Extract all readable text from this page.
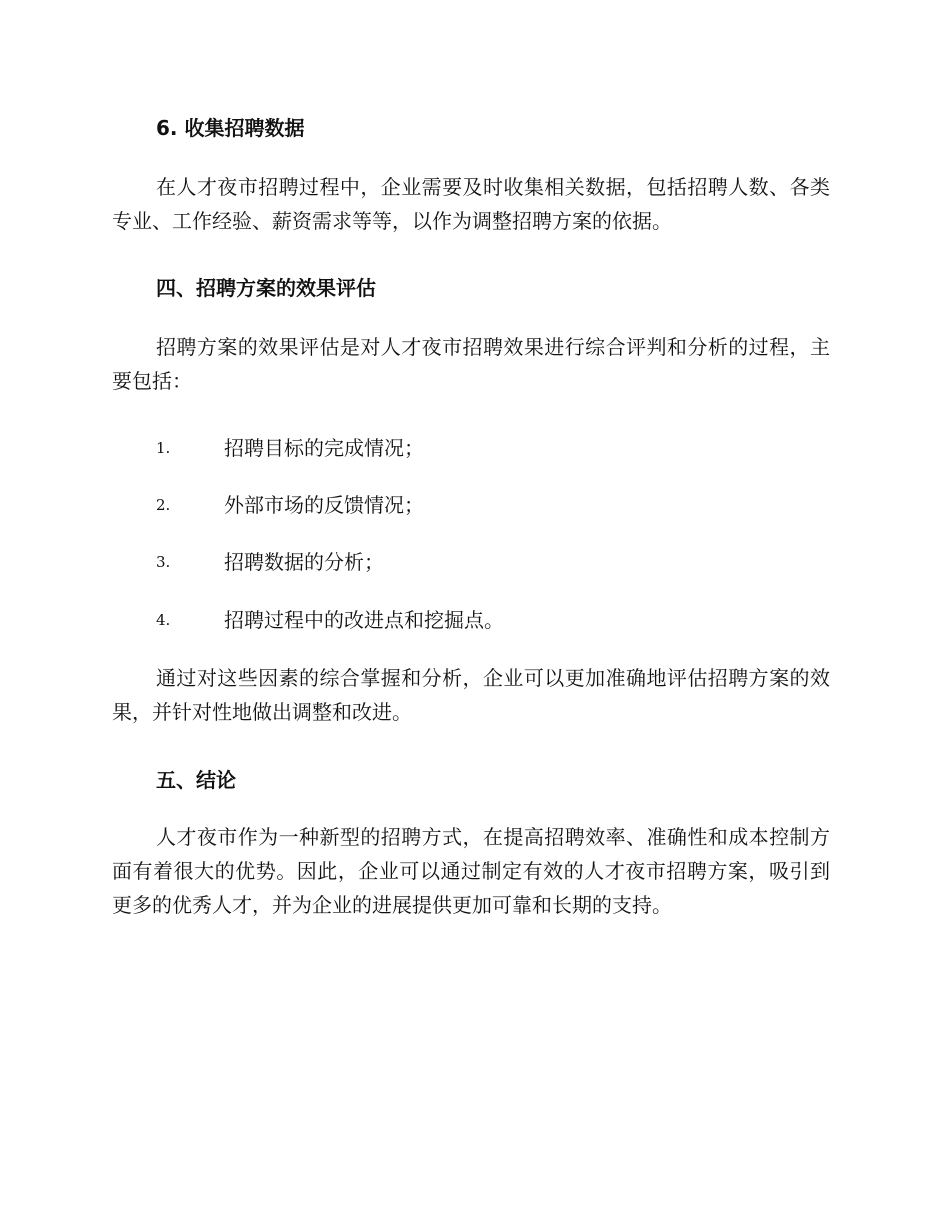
6. 收集招聘数据

在人才夜市招聘过程中，企业需要及时收集相关数据，包括招聘人数、各类专业、工作经验、薪资需求等等，以作为调整招聘方案的依据。

四、招聘方案的效果评估

招聘方案的效果评估是对人才夜市招聘效果进行综合评判和分析的过程，主要包括：

1.	招聘目标的完成情况；
2.	外部市场的反馈情况；
3.	招聘数据的分析；
4.	招聘过程中的改进点和挖掘点。

通过对这些因素的综合掌握和分析，企业可以更加准确地评估招聘方案的效果，并针对性地做出调整和改进。

五、结论

人才夜市作为一种新型的招聘方式，在提高招聘效率、准确性和成本控制方面有着很大的优势。因此，企业可以通过制定有效的人才夜市招聘方案，吸引到更多的优秀人才，并为企业的进展提供更加可靠和长期的支持。
